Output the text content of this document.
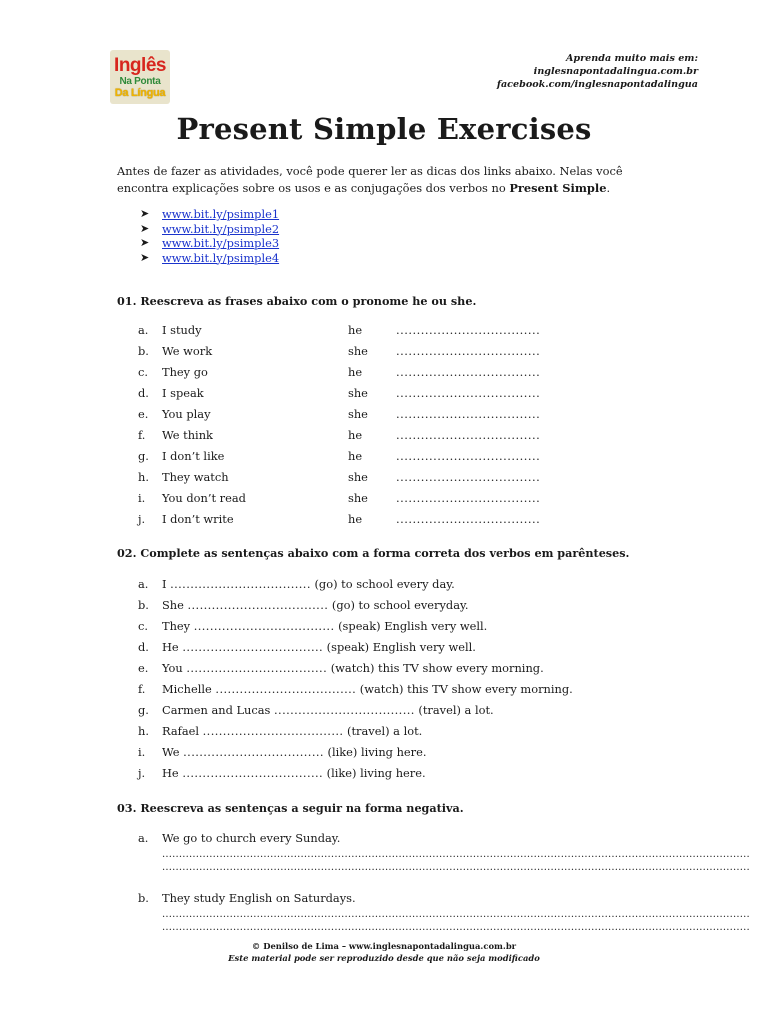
Inglês
Na Ponta
Da Língua
Aprenda muito mais em:
inglesnapontadalingua.com.br
facebook.com/inglesnapontadalingua
Present Simple Exercises
Antes de fazer as atividades, você pode querer ler as dicas dos links abaixo. Nelas você encontra explicações sobre os usos e as conjugações dos verbos no Present Simple.
➤	www.bit.ly/psimple1
➤	www.bit.ly/psimple2
➤	www.bit.ly/psimple3
➤	www.bit.ly/psimple4

01. Reescreva as frases abaixo com o pronome he ou she.

a.	I study	he	...................................
b.	We work	she	...................................
c.	They go	he	...................................
d.	I speak	she	...................................
e.	You play	she	...................................
f.	We think	he	...................................
g.	I don’t like	he	...................................
h.	They watch	she	...................................
i.	You don’t read	she	...................................
j.	I don’t write	he	...................................

02. Complete as sentenças abaixo com a forma correta dos verbos em parênteses.

a.	I ................................... (go) to school every day.
b.	She ................................... (go) to school everyday.
c.	They ................................... (speak) English very well.
d.	He ................................... (speak) English very well.
e.	You ................................... (watch) this TV show every morning.
f.	Michelle ................................... (watch) this TV show every morning.
g.	Carmen and Lucas ................................... (travel) a lot.
h.	Rafael ................................... (travel) a lot.
i.	We ................................... (like) living here.
j.	He ................................... (like) living here.

03. Reescreva as sentenças a seguir na forma negativa.

a.	We go to church every Sunday.
..............................................................................................................................................................................
..............................................................................................................................................................................
b.	They study English on Saturdays.
..............................................................................................................................................................................
..............................................................................................................................................................................
© Denilso de Lima – www.inglesnapontadalingua.com.br
Este material pode ser reproduzido desde que não seja modificado
